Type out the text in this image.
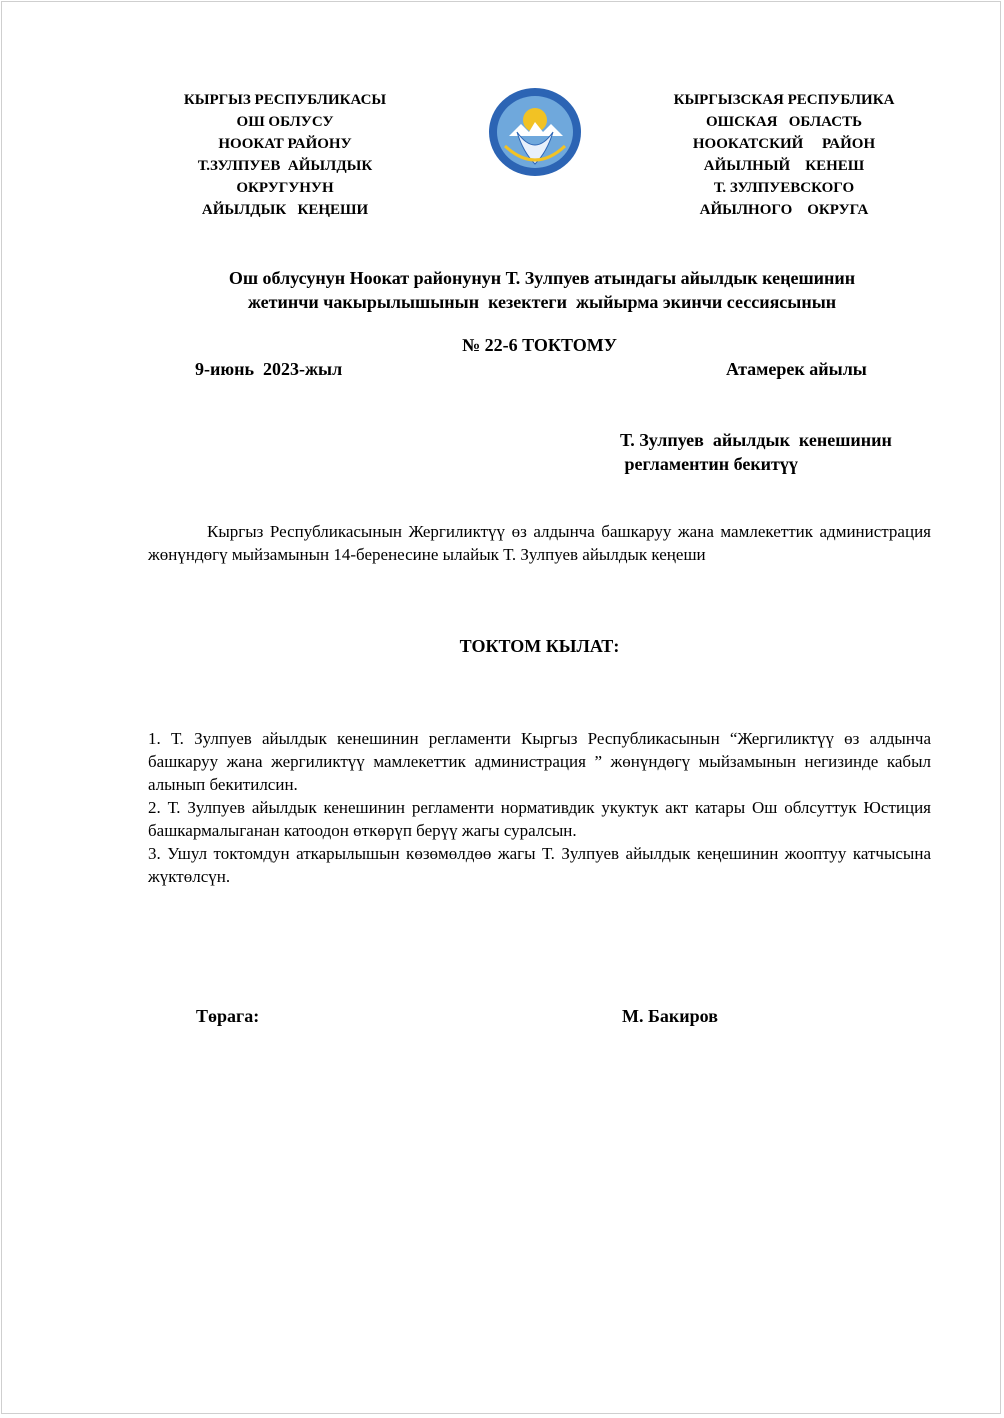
КЫРГЫЗ РЕСПУБЛИКАСЫ
ОШ ОБЛУСУ
НООКАТ РАЙОНУ
Т.ЗУЛПУЕВ  АЙЫЛДЫК
ОКРУГУНУН
АЙЫЛДЫК   КЕҢЕШИ
КЫРГЫЗСКАЯ РЕСПУБЛИКА
ОШСКАЯ   ОБЛАСТЬ
НООКАТСКИЙ     РАЙОН
АЙЫЛНЫЙ    КЕНЕШ
Т. ЗУЛПУЕВСКОГО
АЙЫЛНОГО    ОКРУГА
Ош облусунун Ноокат районунун Т. Зулпуев атындагы айылдык кеңешинин
жетинчи чакырылышынын  кезектеги  жыйырма экинчи сессиясынын
№ 22-6 ТОКТОМУ
9-июнь  2023-жыл	Атамерек айылы
Т. Зулпуев  айылдык  кенешинин
регламентин бекитүү
Кыргыз Республикасынын Жергиликтүү өз алдынча башкаруу жана мамлекеттик администрация жөнүндөгү мыйзамынын 14-беренесине ылайык Т. Зулпуев айылдык кеңеши
ТОКТОМ КЫЛАТ:

1. Т. Зулпуев айылдык кенешинин регламенти Кыргыз Республикасынын “Жергиликтүү өз алдынча башкаруу жана жергиликтүү мамлекеттик администрация ” жөнүндөгү мыйзамынын негизинде кабыл алынып бекитилсин.

2. Т. Зулпуев айылдык кенешинин регламенти нормативдик укуктук акт катары Ош облсуттук Юстиция башкармалыганан катоодон өткөрүп берүү жагы суралсын.

3. Ушул токтомдун аткарылышын көзөмөлдөө жагы Т. Зулпуев айылдык кеңешинин жоoптуу катчысына жүктөлсүн.

Төрага:	М. Бакиров
